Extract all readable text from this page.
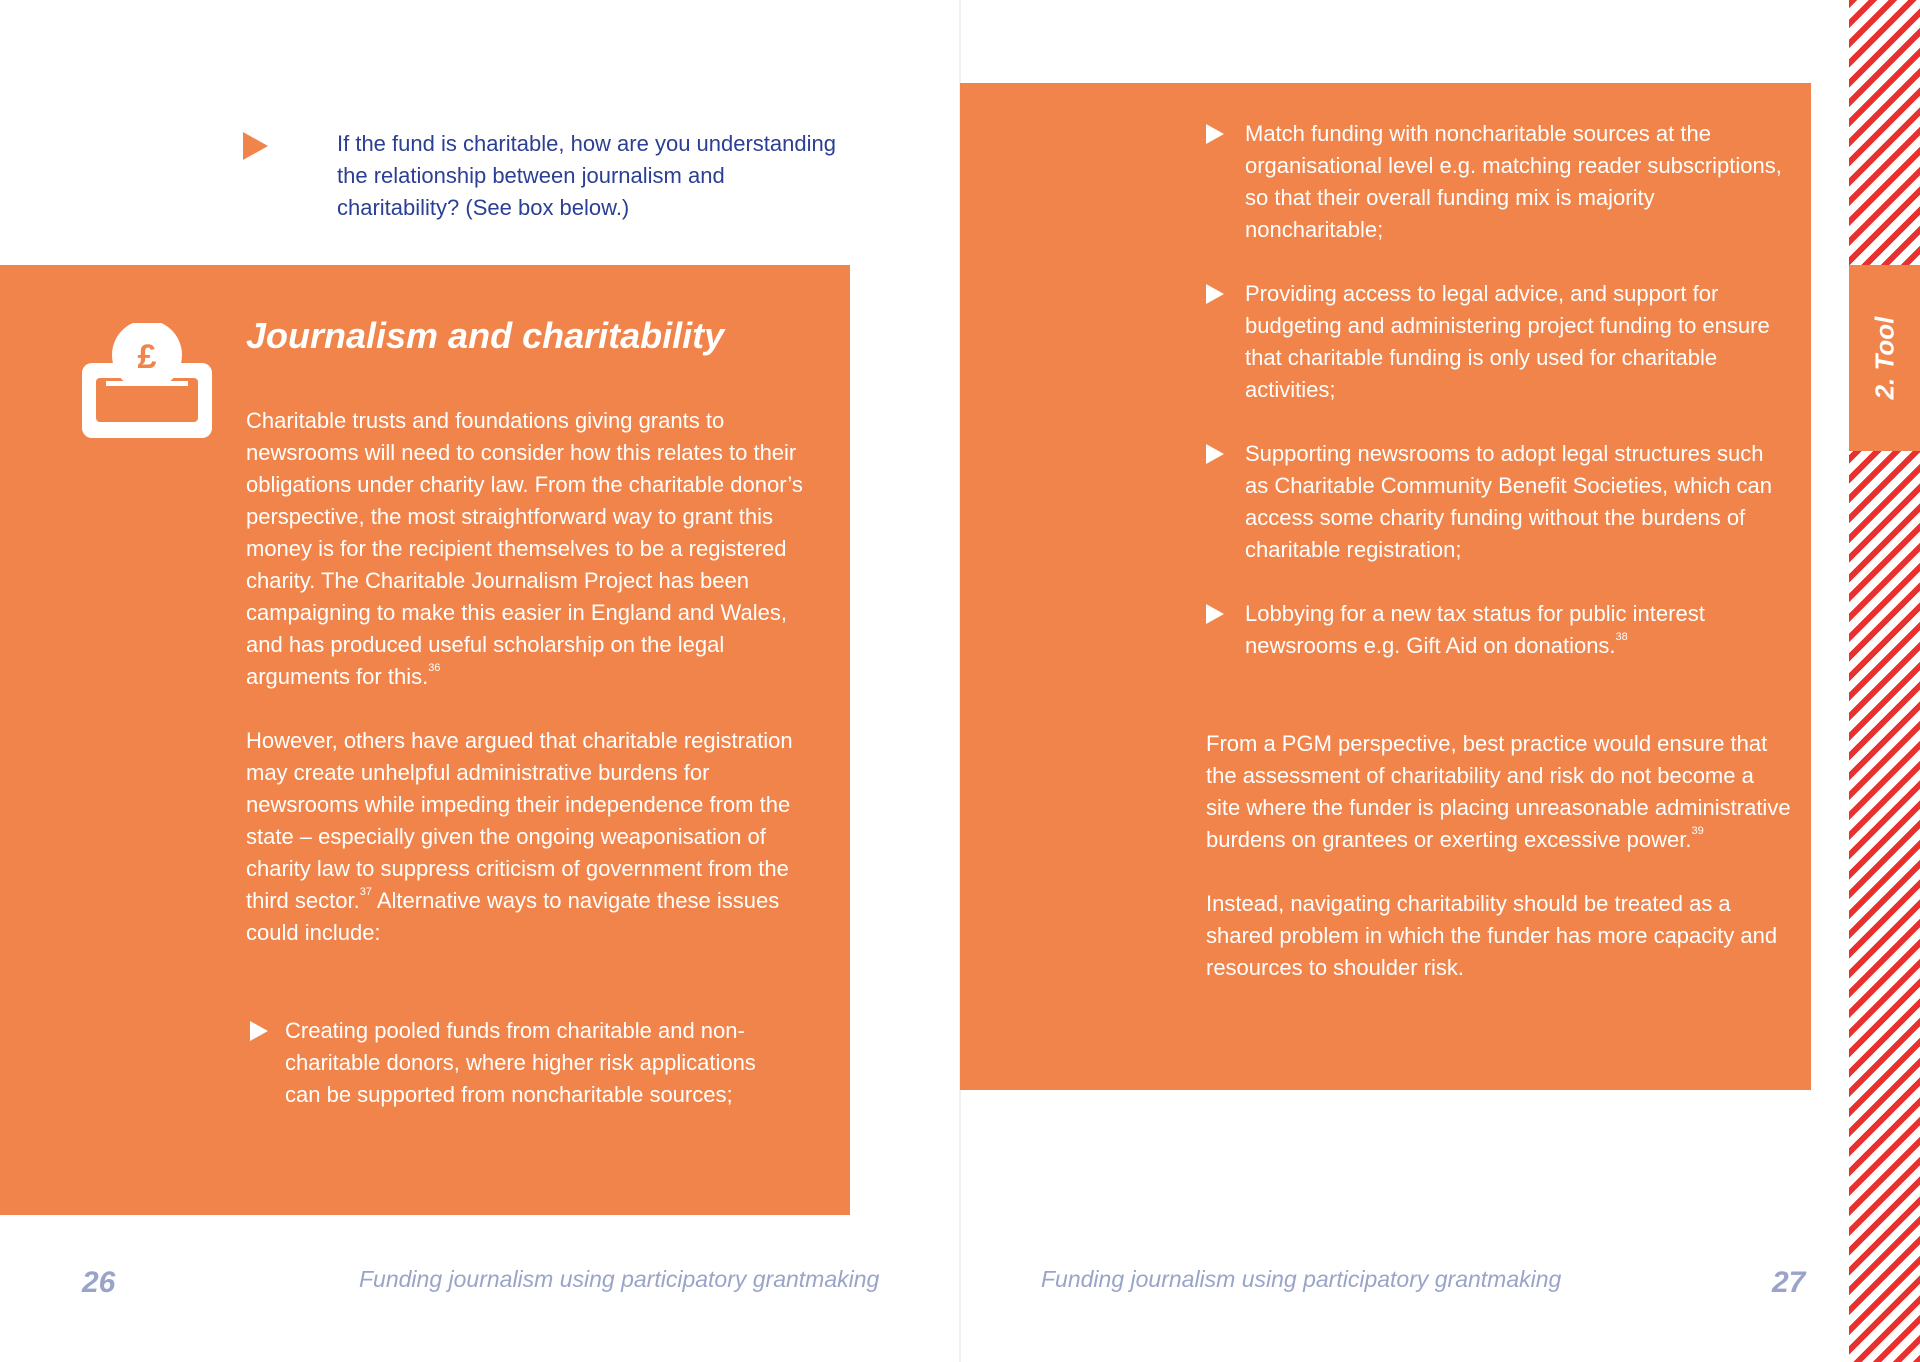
If the fund is charitable, how are you understanding the relationship between journalism and charitability? (See box below.)

£
Journalism and charitability

Charitable trusts and foundations giving grants to newsrooms will need to consider how this relates to their obligations under charity law. From the charitable donor’s perspective, the most straightforward way to grant this money is for the recipient themselves to be a registered charity. The Charitable Journalism Project has been campaigning to make this easier in England and Wales, and has produced useful scholarship on the legal arguments for this.$^{36}$

However, others have argued that charitable registration may create unhelpful administrative burdens for newsrooms while impeding their independence from the state – especially given the ongoing weaponisation of charity law to suppress criticism of government from the third sector.$^{37}$ Alternative ways to navigate these issues could include:

Creating pooled funds from charitable and non-charitable donors, where higher risk applications can be supported from noncharitable sources;

Match funding with noncharitable sources at the organisational level e.g. matching reader subscriptions, so that their overall funding mix is majority noncharitable;

Providing access to legal advice, and support for budgeting and administering project funding to ensure that charitable funding is only used for charitable activities;

Supporting newsrooms to adopt legal structures such as Charitable Community Benefit Societies, which can access some charity funding without the burdens of charitable registration;

Lobbying for a new tax status for public interest newsrooms e.g. Gift Aid on donations.$^{38}$

From a PGM perspective, best practice would ensure that the assessment of charitability and risk do not become a site where the funder is placing unreasonable administrative burdens on grantees or exerting excessive power.$^{39}$

Instead, navigating charitability should be treated as a shared problem in which the funder has more capacity and resources to shoulder risk.

26	Funding journalism using participatory grantmaking	Funding journalism using participatory grantmaking	27
2. Tool
